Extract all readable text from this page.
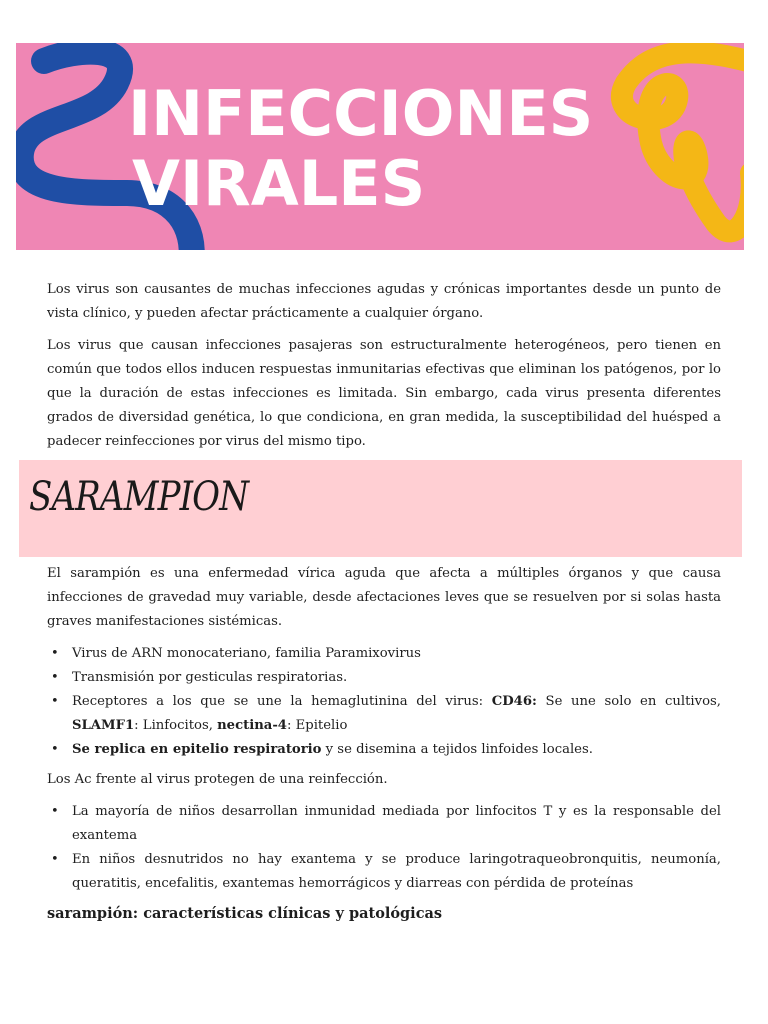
INFECCIONES
VIRALES

Los virus son causantes de muchas infecciones agudas y crónicas importantes desde un punto de vista clínico, y pueden afectar prácticamente a cualquier órgano.

Los virus que causan infecciones pasajeras son estructuralmente heterogéneos, pero tienen en común que todos ellos inducen respuestas inmunitarias efectivas que eliminan los patógenos, por lo que la duración de estas infecciones es limitada. Sin embargo, cada virus presenta diferentes grados de diversidad genética, lo que condiciona, en gran medida, la susceptibilidad del huésped a padecer reinfecciones por virus del mismo tipo.

SARAMPION

El sarampión es una enfermedad vírica aguda que afecta a múltiples órganos y que causa infecciones de gravedad muy variable, desde afectaciones leves que se resuelven por si solas hasta graves manifestaciones sistémicas.

• Virus de ARN monocateriano, familia Paramixovirus
• Transmisión por gesticulas respiratorias.
• Receptores a los que se une la hemaglutinina del virus: CD46: Se une solo en cultivos, SLAMF1: Linfocitos, nectina-4: Epitelio
• Se replica en epitelio respiratorio y se disemina a tejidos linfoides locales.

Los Ac frente al virus protegen de una reinfección.

• La mayoría de niños desarrollan inmunidad mediada por linfocitos T y es la responsable del exantema
• En niños desnutridos no hay exantema y se produce laringotraqueobronquitis, neumonía, queratitis, encefalitis, exantemas hemorrágicos y diarreas con pérdida de proteínas
sarampión: características clínicas y patológicas
